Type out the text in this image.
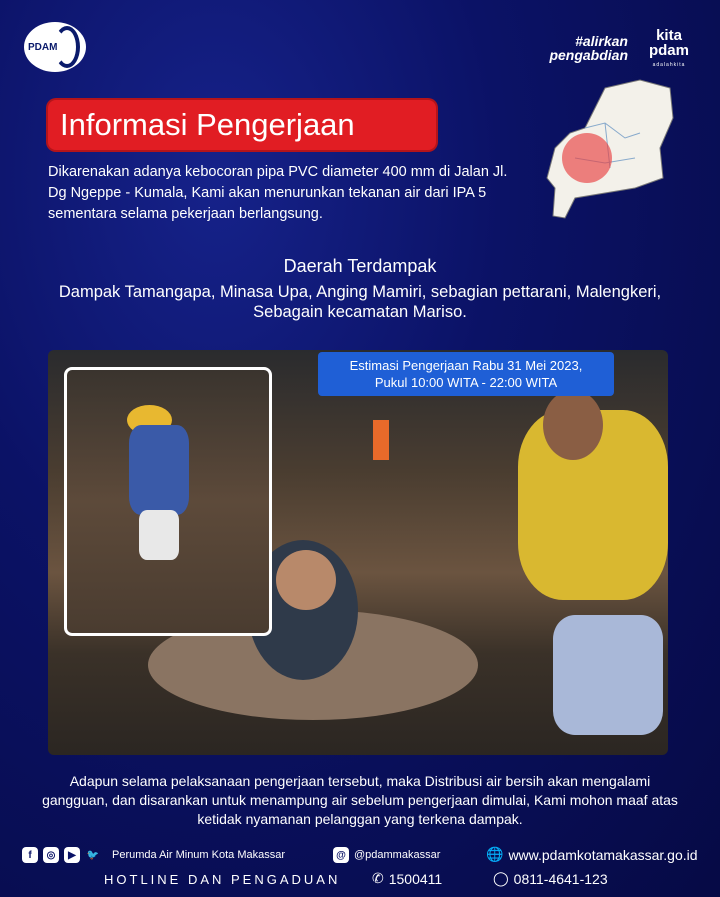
PDAM	#alirkan pengabdian
kita pdam
adalahkita
Informasi Pengerjaan
Dikarenakan adanya kebocoran pipa PVC diameter 400 mm di Jalan Jl. Dg Ngeppe - Kumala, Kami akan menurunkan tekanan air dari IPA 5 sementara selama pekerjaan berlangsung.
Daerah Terdampak
Dampak Tamangapa, Minasa Upa, Anging Mamiri, sebagian pettarani, Malengkeri, Sebagain kecamatan Mariso.
Estimasi Pengerjaan Rabu 31 Mei 2023,
Pukul 10:00 WITA - 22:00 WITA
Adapun selama pelaksanaan pengerjaan tersebut, maka Distribusi air bersih akan mengalami gangguan, dan disarankan untuk menampung air sebelum pengerjaan dimulai, Kami mohon maaf atas ketidak nyamanan pelanggan yang terkena dampak.
f	◎	▶	🐦 Perumda Air Minum Kota Makassar	@ @pdammakassar	🌐 www.pdamkotamakassar.go.id
HOTLINE DAN PENGADUAN ✆ 1500411	◯ 0811-4641-123
